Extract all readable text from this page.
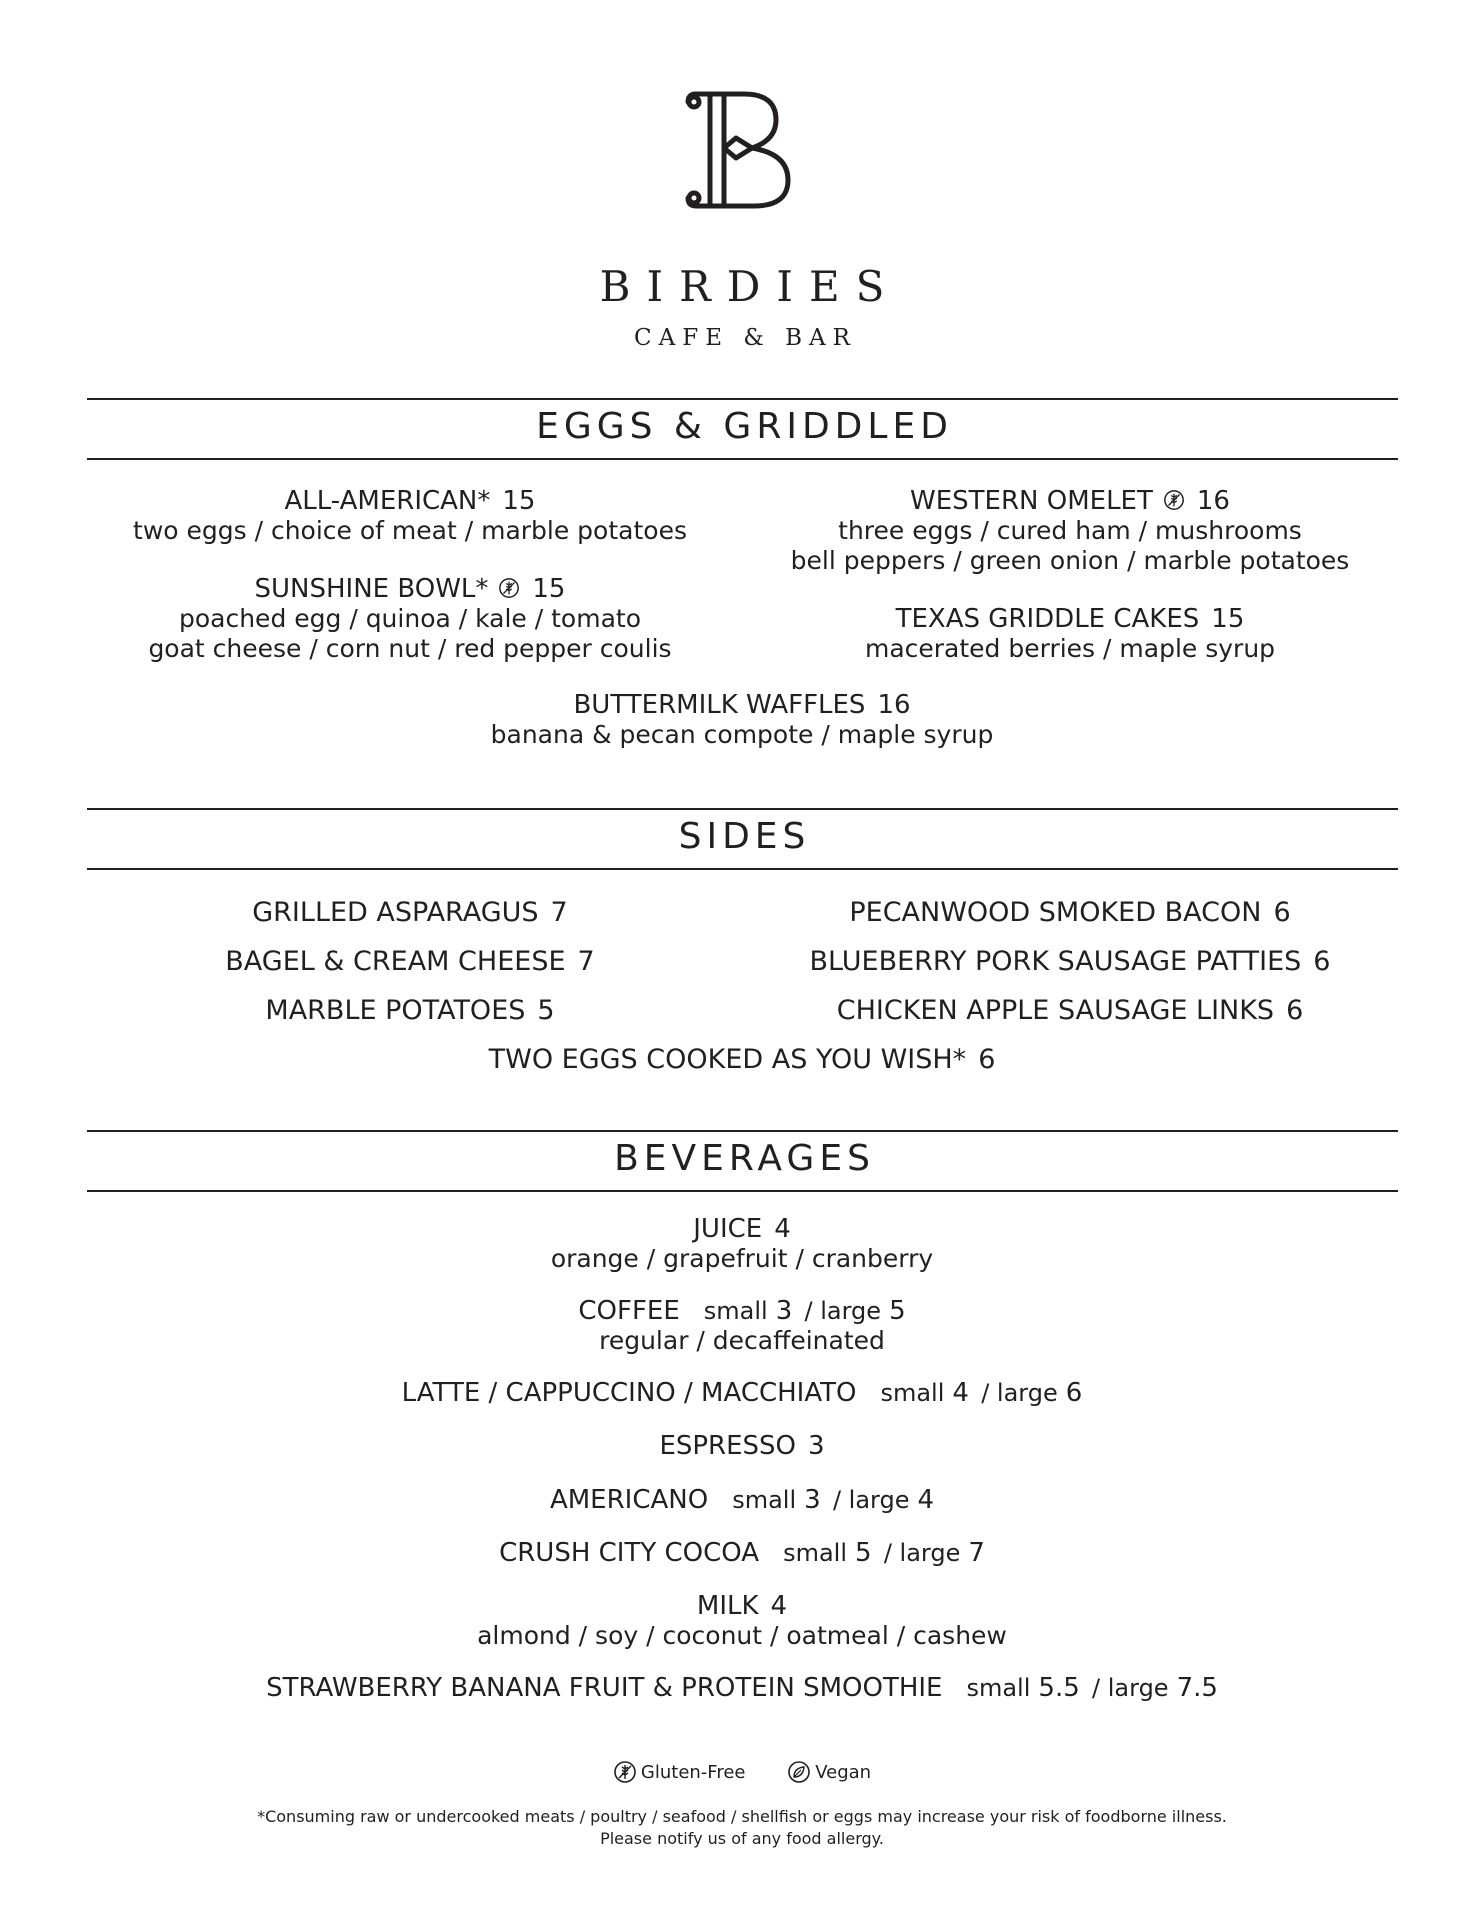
BIRDIES
CAFE & BAR
EGGS & GRIDDLED
ALL-AMERICAN* 15
two eggs / choice of meat / marble potatoes
SUNSHINE BOWL* 15
poached egg / quinoa / kale / tomato
goat cheese / corn nut / red pepper coulis
WESTERN OMELET 16
three eggs / cured ham / mushrooms
bell peppers / green onion / marble potatoes
TEXAS GRIDDLE CAKES 15
macerated berries / maple syrup
BUTTERMILK WAFFLES 16
banana & pecan compote / maple syrup
SIDES
GRILLED ASPARAGUS 7
BAGEL & CREAM CHEESE 7
MARBLE POTATOES 5
PECANWOOD SMOKED BACON 6
BLUEBERRY PORK SAUSAGE PATTIES 6
CHICKEN APPLE SAUSAGE LINKS 6
TWO EGGS COOKED AS YOU WISH* 6
BEVERAGES
JUICE 4
orange / grapefruit / cranberry
COFFEE small 3 / large 5
regular / decaffeinated
LATTE / CAPPUCCINO / MACCHIATO small 4 / large 6
ESPRESSO 3
AMERICANO small 3 / large 4
CRUSH CITY COCOA small 5 / large 7
MILK 4
almond / soy / coconut / oatmeal / cashew
STRAWBERRY BANANA FRUIT & PROTEIN SMOOTHIE small 5.5 / large 7.5
Gluten-Free
	Vegan
*Consuming raw or undercooked meats / poultry / seafood / shellfish or eggs may increase your risk of foodborne illness.
Please notify us of any food allergy.
